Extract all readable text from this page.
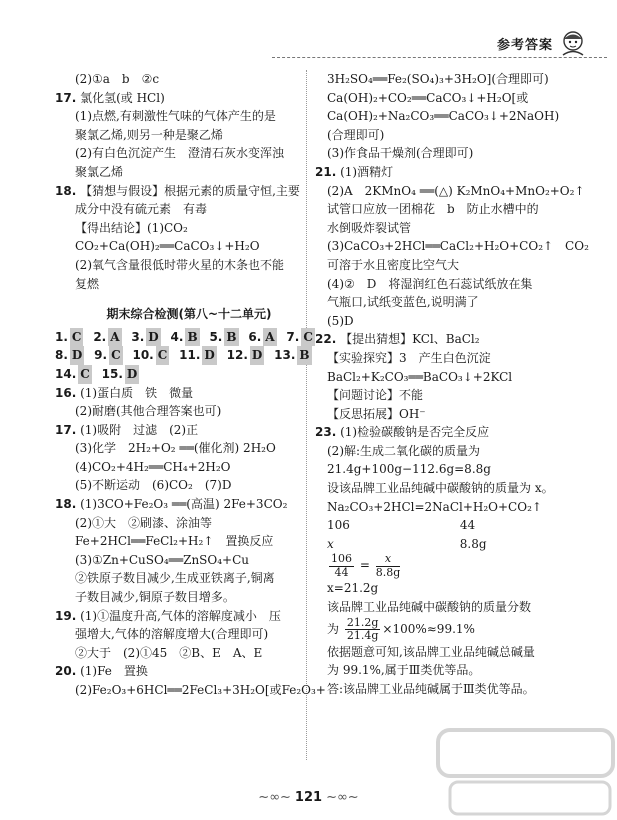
参考答案
(2)①a　b　②c
17. 氯化氢(或 HCl)
(1)点燃,有刺激性气味的气体产生的是
聚氯乙烯,则另一种是聚乙烯
(2)有白色沉淀产生　澄清石灰水变浑浊
聚氯乙烯
18. 【猜想与假设】根据元素的质量守恒,主要
成分中没有硫元素　有毒
【得出结论】(1)CO₂
CO₂+Ca(OH)₂══CaCO₃↓+H₂O
(2)氧气含量很低时带火星的木条也不能
复燃
期末综合检测(第八~十二单元)
1. C 2. A 3. D 4. B 5. B 6. A 7. C
8. D 9. C 10. C 11. D 12. D 13. B
14. C 15. D
16. (1)蛋白质　铁　微量
(2)耐磨(其他合理答案也可)
17. (1)吸附　过滤　(2)正
(3)化学　2H₂+O₂ ══(催化剂) 2H₂O
(4)CO₂+4H₂══CH₄+2H₂O
(5)不断运动　(6)CO₂　(7)D
18. (1)3CO+Fe₂O₃ ══(高温) 2Fe+3CO₂
(2)①大　②刷漆、涂油等
Fe+2HCl══FeCl₂+H₂↑　置换反应
(3)①Zn+CuSO₄══ZnSO₄+Cu
②铁原子数目减少,生成亚铁离子,铜离
子数目减少,铜原子数目增多。
19. (1)①温度升高,气体的溶解度减小　压
强增大,气体的溶解度增大(合理即可)
②大于　(2)①45　②B、E　A、E
20. (1)Fe　置换
(2)Fe₂O₃+6HCl══2FeCl₃+3H₂O[或Fe₂O₃+
3H₂SO₄══Fe₂(SO₄)₃+3H₂O](合理即可)
Ca(OH)₂+CO₂══CaCO₃↓+H₂O[或
Ca(OH)₂+Na₂CO₃══CaCO₃↓+2NaOH)
(合理即可)
(3)作食品干燥剂(合理即可)
21. (1)酒精灯
(2)A　2KMnO₄ ══(△) K₂MnO₄+MnO₂+O₂↑
试管口应放一团棉花　b　防止水槽中的
水倒吸炸裂试管
(3)CaCO₃+2HCl══CaCl₂+H₂O+CO₂↑　CO₂
可溶于水且密度比空气大
(4)②　D　将湿润红色石蕊试纸放在集
气瓶口,试纸变蓝色,说明满了
(5)D
22. 【提出猜想】KCl、BaCl₂
【实验探究】3　产生白色沉淀
BaCl₂+K₂CO₃══BaCO₃↓+2KCl
【问题讨论】不能
【反思拓展】OH⁻
23. (1)检验碳酸钠是否完全反应
(2)解:生成二氧化碳的质量为
21.4g+100g−112.6g=8.8g
设该品牌工业品纯碱中碳酸钠的质量为 x。
Na₂CO₃+2HCl=2NaCl+H₂O+CO₂↑
106	44
x	8.8g
$\frac{106}{44} = \frac{x}{8.8g}$
x=21.2g
该品牌工业品纯碱中碳酸钠的质量分数
为 $\frac{21.2g}{21.4g} \times 100\%\approx 99.1\%$
依据题意可知,该品牌工业品纯碱总碱量
为 99.1%,属于Ⅲ类优等品。
答:该品牌工业品纯碱属于Ⅲ类优等品。
~∞~ 121 ~∞~
